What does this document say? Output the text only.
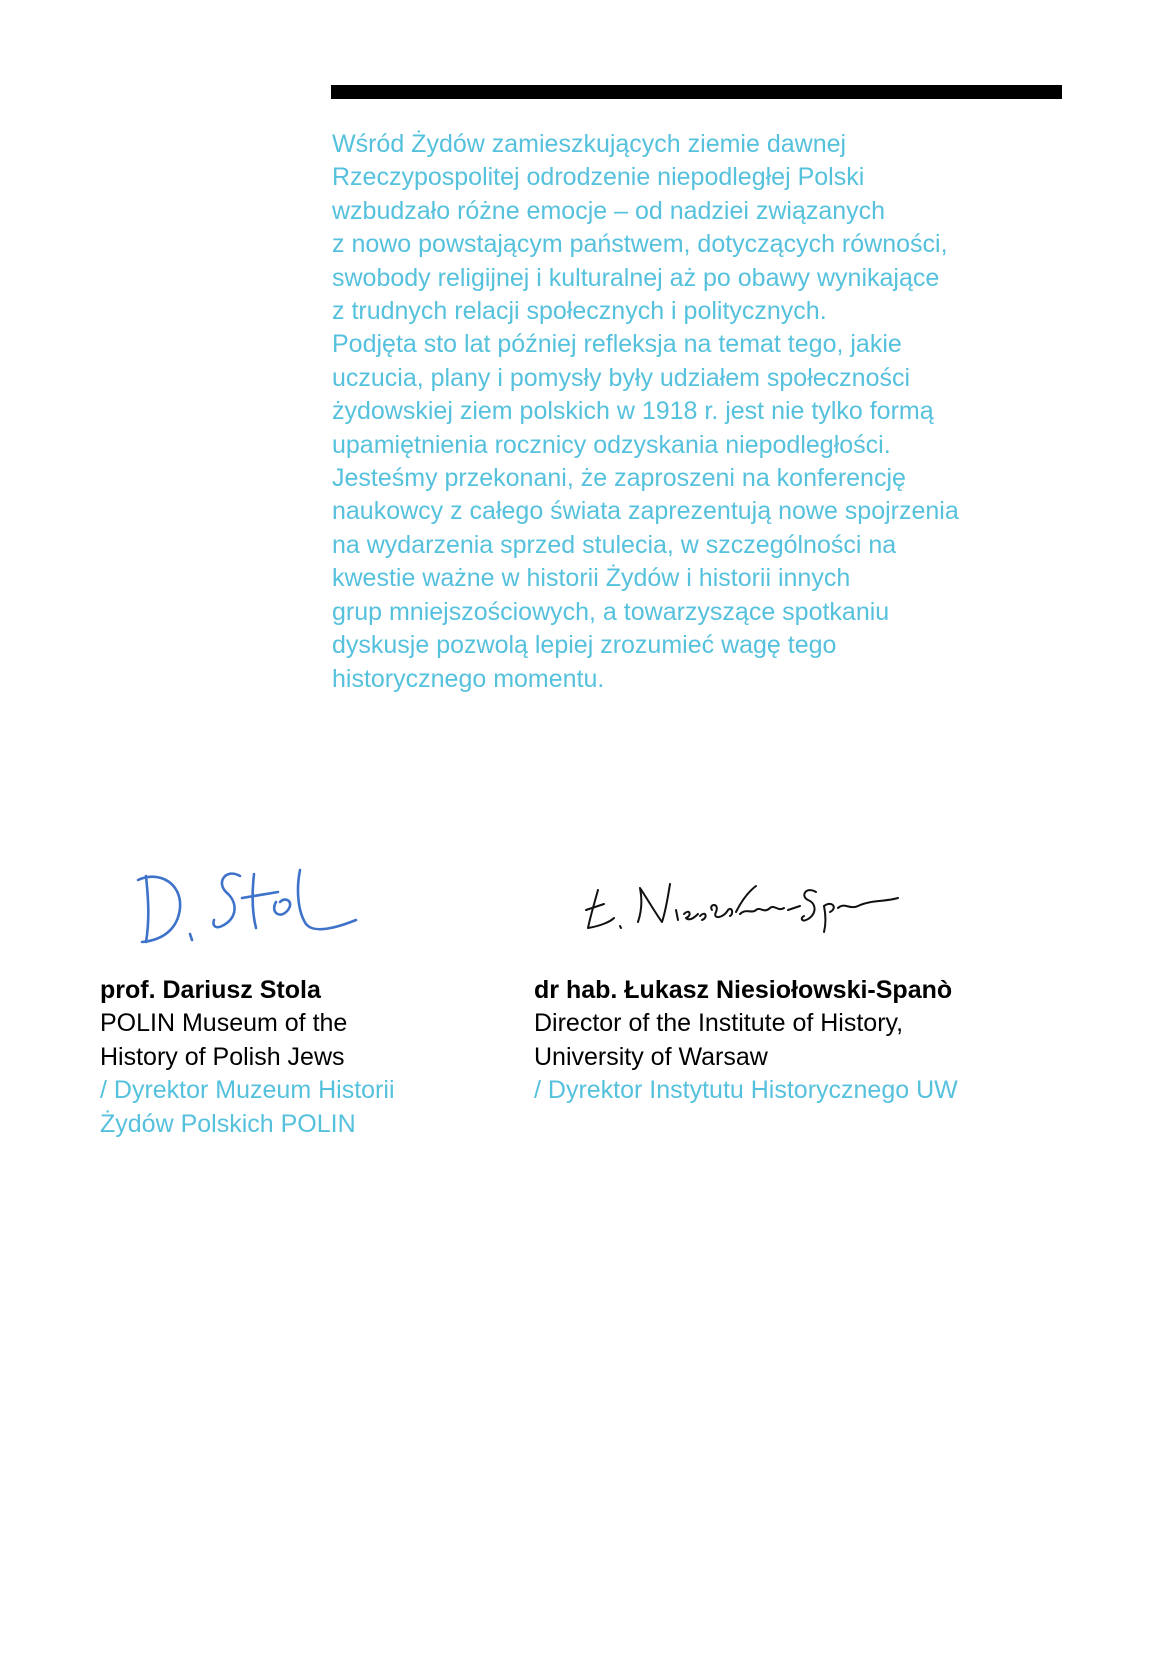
Wśród Żydów zamieszkujących ziemie dawnej
Rzeczypospolitej odrodzenie niepodległej Polski
wzbudzało różne emocje – od nadziei związanych
z nowo powstającym państwem, dotyczących równości,
swobody religijnej i kulturalnej aż po obawy wynikające
z trudnych relacji społecznych i politycznych.
Podjęta sto lat później refleksja na temat tego, jakie
uczucia, plany i pomysły były udziałem społeczności
żydowskiej ziem polskich w 1918 r. jest nie tylko formą
upamiętnienia rocznicy odzyskania niepodległości.
Jesteśmy przekonani, że zaproszeni na konferencję
naukowcy z całego świata zaprezentują nowe spojrzenia
na wydarzenia sprzed stulecia, w szczególności na
kwestie ważne w historii Żydów i historii innych
grup mniejszościowych, a towarzyszące spotkaniu
dyskusje pozwolą lepiej zrozumieć wagę tego
historycznego momentu.
prof. Dariusz Stola
POLIN Museum of the
History of Polish Jews
/ Dyrektor Muzeum Historii
Żydów Polskich POLIN
dr hab. Łukasz Niesiołowski-Spanò
Director of the Institute of History,
University of Warsaw
/ Dyrektor Instytutu Historycznego UW
